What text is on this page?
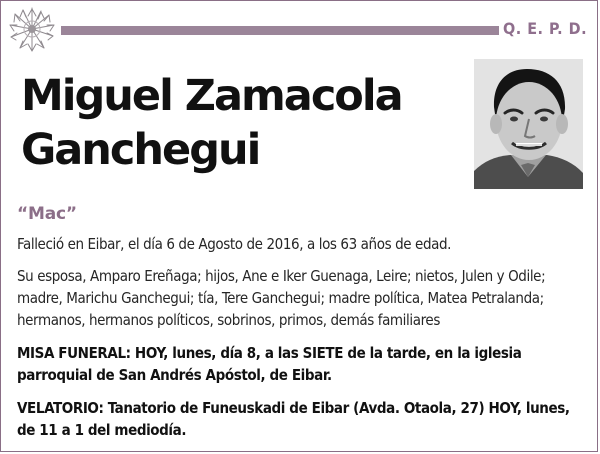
Q. E. P. D.
Miguel Zamacola
Ganchegui
“Mac”
Falleció en Eibar, el día 6 de Agosto de 2016, a los 63 años de edad.
Su esposa, Amparo Ereñaga; hijos, Ane e Iker Guenaga, Leire; nietos, Julen y Odile; madre, Marichu Ganchegui; tía, Tere Ganchegui; madre política, Matea Petralanda; hermanos, hermanos políticos, sobrinos, primos, demás familiares
MISA FUNERAL: HOY, lunes, día 8, a las SIETE de la tarde, en la iglesia parroquial de San Andrés Apóstol, de Eibar.
VELATORIO: Tanatorio de Funeuskadi de Eibar (Avda. Otaola, 27) HOY, lunes, de 11 a 1 del mediodía.
